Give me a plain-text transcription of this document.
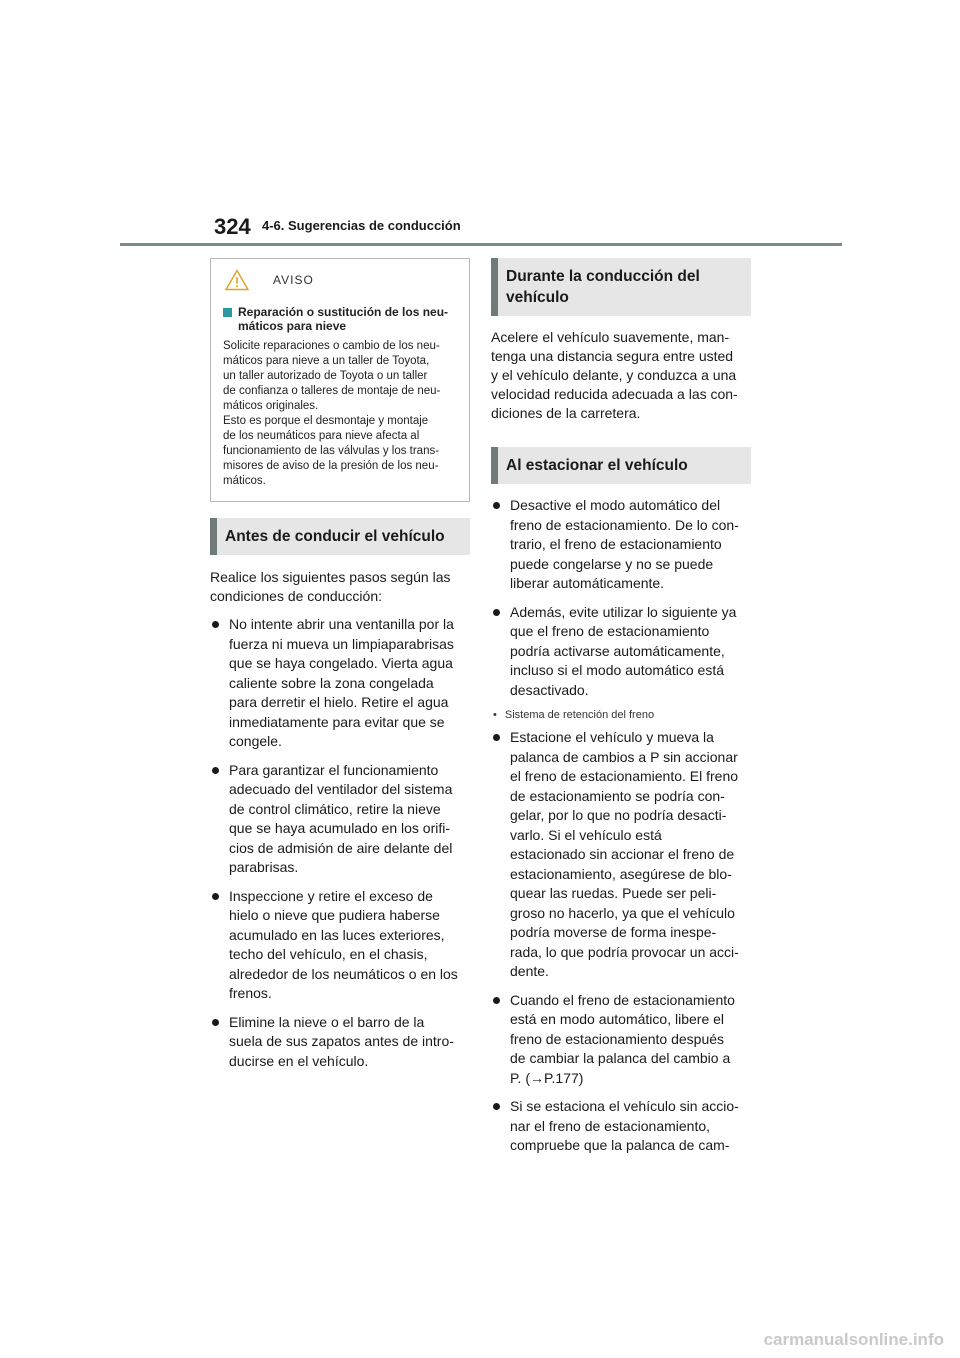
324 4-6. Sugerencias de conducción
AVISO
Reparación o sustitución de los neu-
máticos para nieve
Solicite reparaciones o cambio de los neu-
máticos para nieve a un taller de Toyota,
un taller autorizado de Toyota o un taller
de confianza o talleres de montaje de neu-
máticos originales.
Esto es porque el desmontaje y montaje
de los neumáticos para nieve afecta al
funcionamiento de las válvulas y los trans-
misores de aviso de la presión de los neu-
máticos.
Antes de conducir el vehículo
Realice los siguientes pasos según las
condiciones de conducción:
No intente abrir una ventanilla por la
fuerza ni mueva un limpiaparabrisas
que se haya congelado. Vierta agua
caliente sobre la zona congelada
para derretir el hielo. Retire el agua
inmediatamente para evitar que se
congele.
Para garantizar el funcionamiento
adecuado del ventilador del sistema
de control climático, retire la nieve
que se haya acumulado en los orifi-
cios de admisión de aire delante del
parabrisas.
Inspeccione y retire el exceso de
hielo o nieve que pudiera haberse
acumulado en las luces exteriores,
techo del vehículo, en el chasis,
alrededor de los neumáticos o en los
frenos.
Elimine la nieve o el barro de la
suela de sus zapatos antes de intro-
ducirse en el vehículo.
Durante la conducción del
vehículo
Acelere el vehículo suavemente, man-
tenga una distancia segura entre usted
y el vehículo delante, y conduzca a una
velocidad reducida adecuada a las con-
diciones de la carretera.
Al estacionar el vehículo
Desactive el modo automático del
freno de estacionamiento. De lo con-
trario, el freno de estacionamiento
puede congelarse y no se puede
liberar automáticamente.
Además, evite utilizar lo siguiente ya
que el freno de estacionamiento
podría activarse automáticamente,
incluso si el modo automático está
desactivado.
• Sistema de retención del freno
Estacione el vehículo y mueva la
palanca de cambios a P sin accionar
el freno de estacionamiento. El freno
de estacionamiento se podría con-
gelar, por lo que no podría desacti-
varlo. Si el vehículo está
estacionado sin accionar el freno de
estacionamiento, asegúrese de blo-
quear las ruedas. Puede ser peli-
groso no hacerlo, ya que el vehículo
podría moverse de forma inespe-
rada, lo que podría provocar un acci-
dente.
Cuando el freno de estacionamiento
está en modo automático, libere el
freno de estacionamiento después
de cambiar la palanca del cambio a
P. (→P.177)
Si se estaciona el vehículo sin accio-
nar el freno de estacionamiento,
compruebe que la palanca de cam-
carmanualsonline.info
